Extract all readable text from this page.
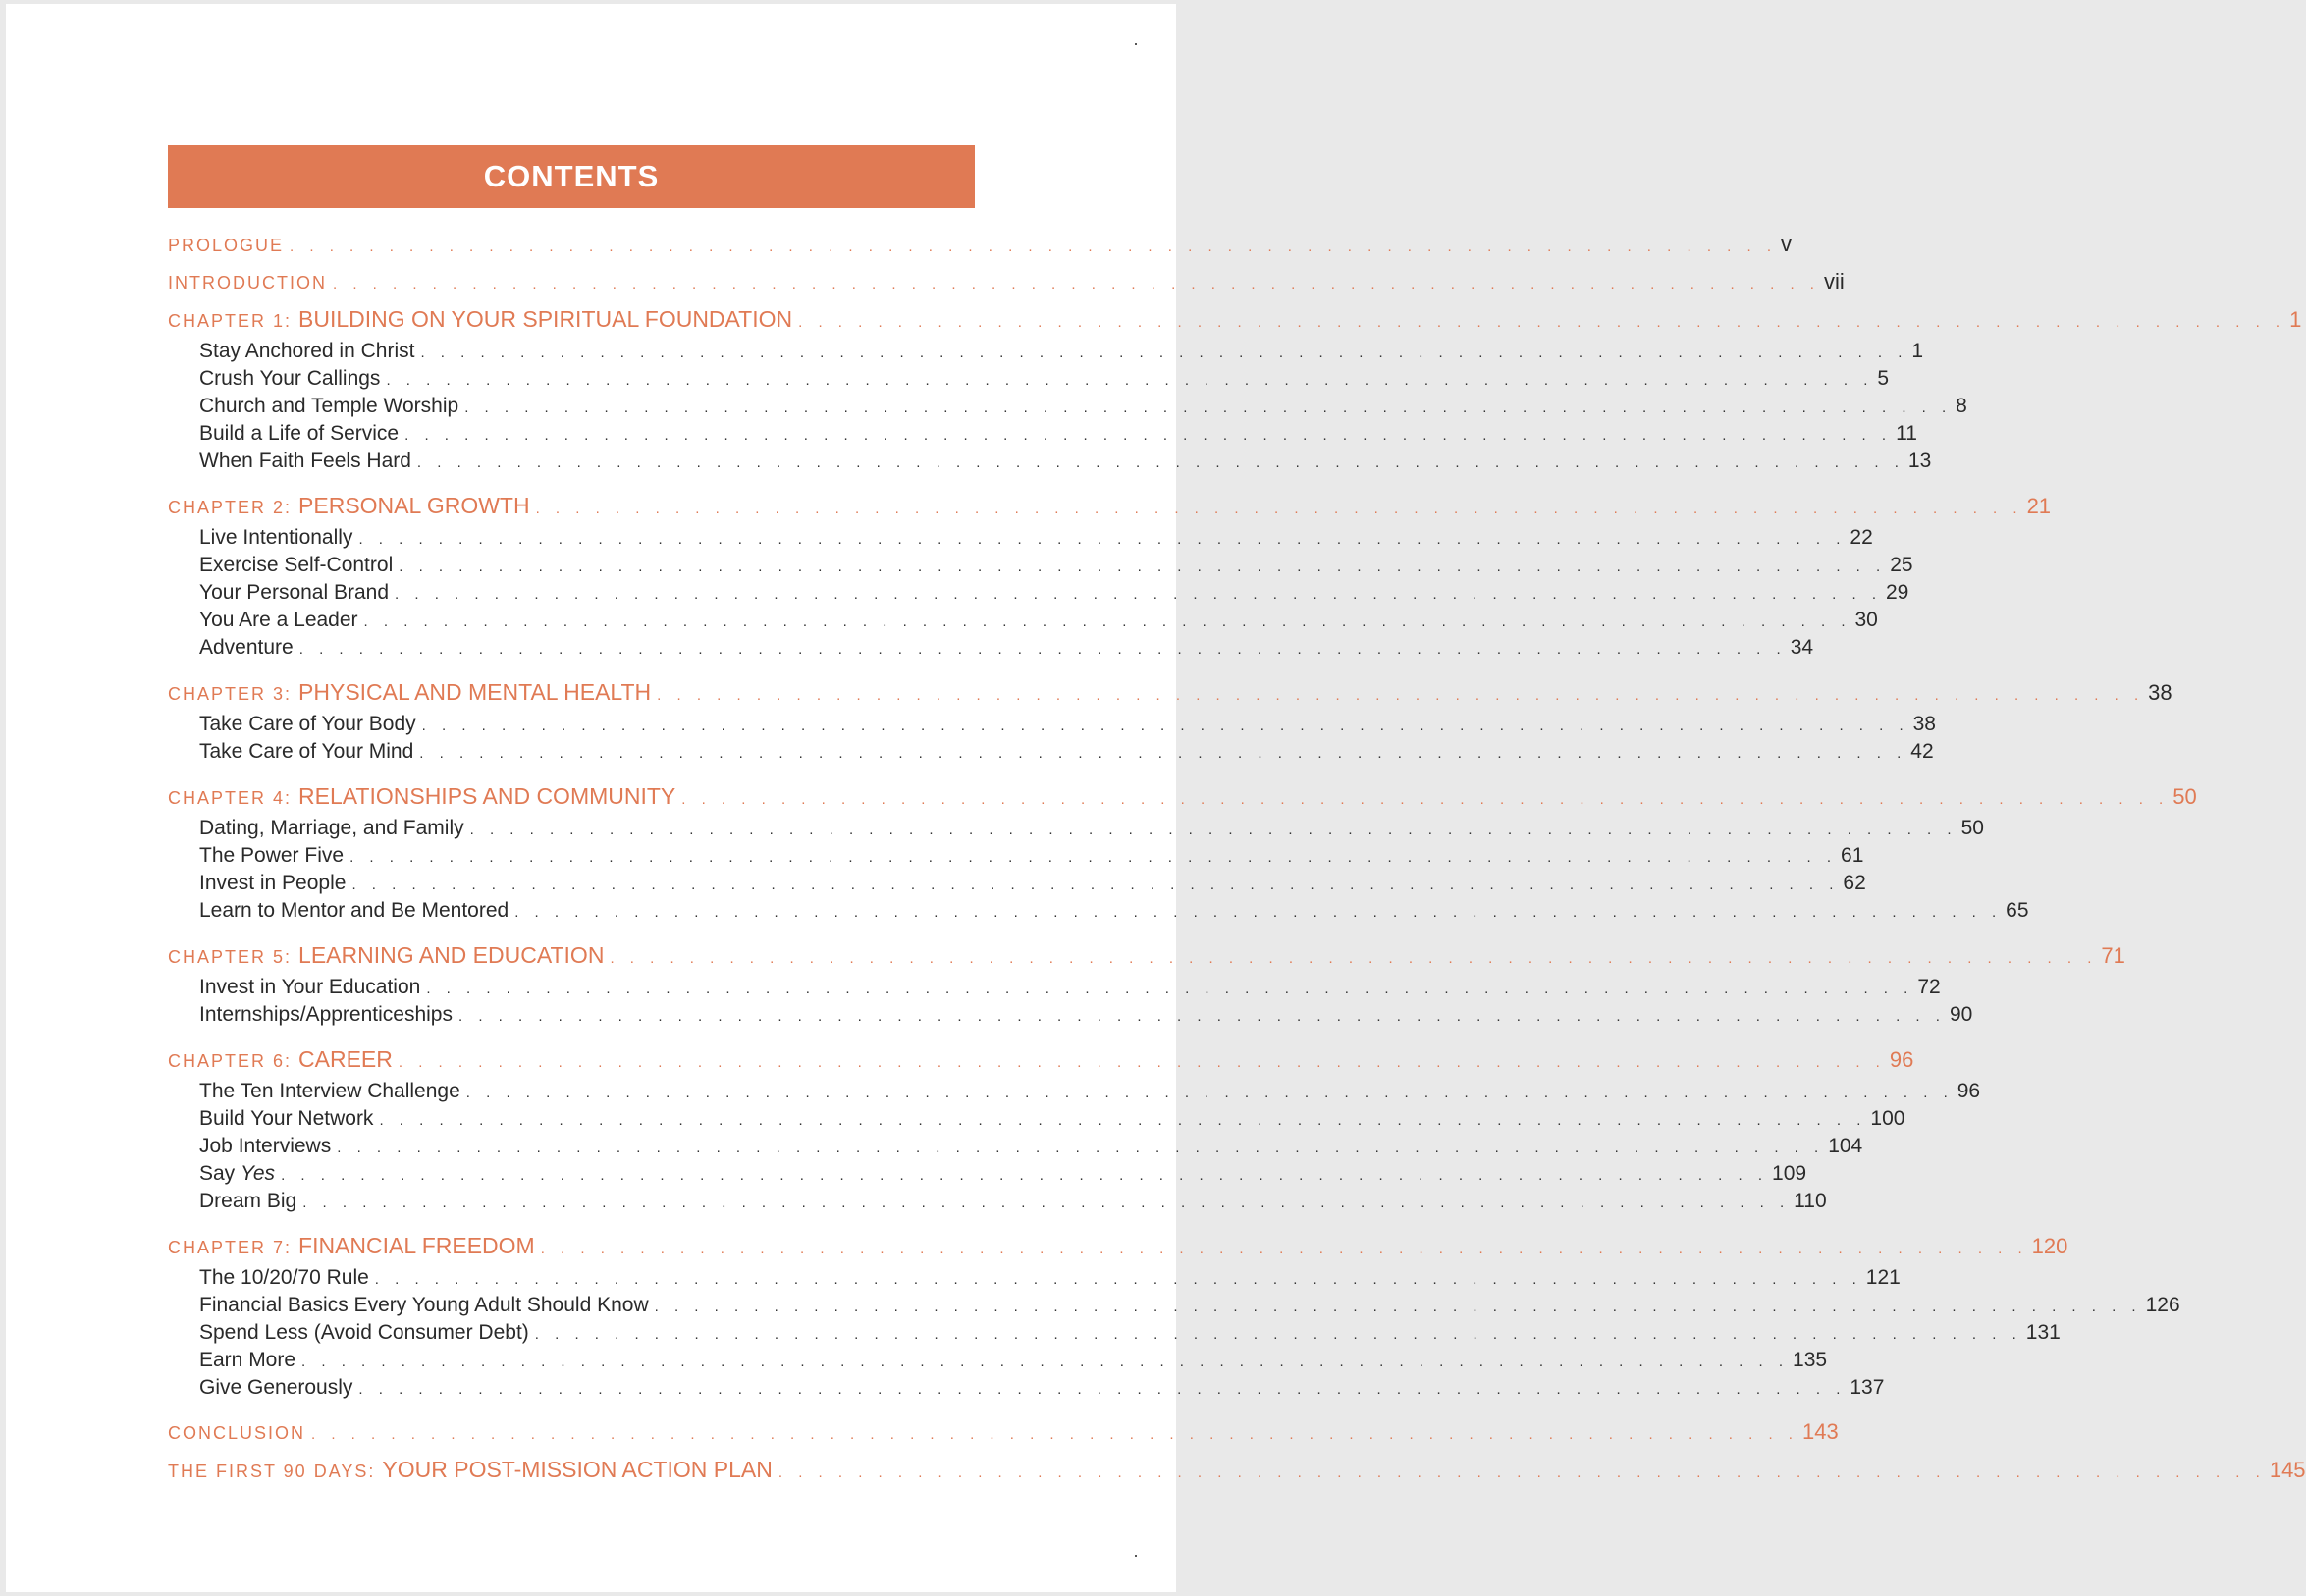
CONTENTS
PROLOGUE . . . . . . . . . . . . . . . . . . . . . . . . . . . . . . . . . . . . . . . . . . . . . . . . . . . . . . . . . . . . . . . . . . . . . . . . . . . v
INTRODUCTION . . . . . . . . . . . . . . . . . . . . . . . . . . . . . . . . . . . . . . . . . . . . . . . . . . . . . . . . . . . . . . . . . . . . . . . . . . . vii
CHAPTER 1: BUILDING ON YOUR SPIRITUAL FOUNDATION . . . . . . . . . . . . . . . . . . . . . . . . . . . . . . . . . . . . . . . . . . . . . . . . . . . . . . . . . . . . . . . . . . . . . . . . . . . 1
Stay Anchored in Christ . . . . . . . . . . . . . . . . . . . . . . . . . . . . . . . . . . . . . . . . . . . . . . . . . . . . . . . . . . . . . . . . . . . . . . . . . . . 1
Crush Your Callings . . . . . . . . . . . . . . . . . . . . . . . . . . . . . . . . . . . . . . . . . . . . . . . . . . . . . . . . . . . . . . . . . . . . . . . . . . . 5
Church and Temple Worship . . . . . . . . . . . . . . . . . . . . . . . . . . . . . . . . . . . . . . . . . . . . . . . . . . . . . . . . . . . . . . . . . . . . . . . . . . . 8
Build a Life of Service . . . . . . . . . . . . . . . . . . . . . . . . . . . . . . . . . . . . . . . . . . . . . . . . . . . . . . . . . . . . . . . . . . . . . . . . . . . 11
When Faith Feels Hard . . . . . . . . . . . . . . . . . . . . . . . . . . . . . . . . . . . . . . . . . . . . . . . . . . . . . . . . . . . . . . . . . . . . . . . . . . . 13
CHAPTER 2: PERSONAL GROWTH . . . . . . . . . . . . . . . . . . . . . . . . . . . . . . . . . . . . . . . . . . . . . . . . . . . . . . . . . . . . . . . . . . . . . . . . . . . 21
Live Intentionally . . . . . . . . . . . . . . . . . . . . . . . . . . . . . . . . . . . . . . . . . . . . . . . . . . . . . . . . . . . . . . . . . . . . . . . . . . . 22
Exercise Self-Control . . . . . . . . . . . . . . . . . . . . . . . . . . . . . . . . . . . . . . . . . . . . . . . . . . . . . . . . . . . . . . . . . . . . . . . . . . . 25
Your Personal Brand . . . . . . . . . . . . . . . . . . . . . . . . . . . . . . . . . . . . . . . . . . . . . . . . . . . . . . . . . . . . . . . . . . . . . . . . . . . 29
You Are a Leader . . . . . . . . . . . . . . . . . . . . . . . . . . . . . . . . . . . . . . . . . . . . . . . . . . . . . . . . . . . . . . . . . . . . . . . . . . . 30
Adventure . . . . . . . . . . . . . . . . . . . . . . . . . . . . . . . . . . . . . . . . . . . . . . . . . . . . . . . . . . . . . . . . . . . . . . . . . . . 34
CHAPTER 3: PHYSICAL AND MENTAL HEALTH . . . . . . . . . . . . . . . . . . . . . . . . . . . . . . . . . . . . . . . . . . . . . . . . . . . . . . . . . . . . . . . . . . . . . . . . . . . 38
Take Care of Your Body . . . . . . . . . . . . . . . . . . . . . . . . . . . . . . . . . . . . . . . . . . . . . . . . . . . . . . . . . . . . . . . . . . . . . . . . . . . 38
Take Care of Your Mind . . . . . . . . . . . . . . . . . . . . . . . . . . . . . . . . . . . . . . . . . . . . . . . . . . . . . . . . . . . . . . . . . . . . . . . . . . . 42
CHAPTER 4: RELATIONSHIPS AND COMMUNITY . . . . . . . . . . . . . . . . . . . . . . . . . . . . . . . . . . . . . . . . . . . . . . . . . . . . . . . . . . . . . . . . . . . . . . . . . . . 50
Dating, Marriage, and Family . . . . . . . . . . . . . . . . . . . . . . . . . . . . . . . . . . . . . . . . . . . . . . . . . . . . . . . . . . . . . . . . . . . . . . . . . . . 50
The Power Five . . . . . . . . . . . . . . . . . . . . . . . . . . . . . . . . . . . . . . . . . . . . . . . . . . . . . . . . . . . . . . . . . . . . . . . . . . . 61
Invest in People . . . . . . . . . . . . . . . . . . . . . . . . . . . . . . . . . . . . . . . . . . . . . . . . . . . . . . . . . . . . . . . . . . . . . . . . . . . 62
Learn to Mentor and Be Mentored . . . . . . . . . . . . . . . . . . . . . . . . . . . . . . . . . . . . . . . . . . . . . . . . . . . . . . . . . . . . . . . . . . . . . . . . . . . 65
CHAPTER 5: LEARNING AND EDUCATION . . . . . . . . . . . . . . . . . . . . . . . . . . . . . . . . . . . . . . . . . . . . . . . . . . . . . . . . . . . . . . . . . . . . . . . . . . . 71
Invest in Your Education . . . . . . . . . . . . . . . . . . . . . . . . . . . . . . . . . . . . . . . . . . . . . . . . . . . . . . . . . . . . . . . . . . . . . . . . . . . 72
Internships/Apprenticeships . . . . . . . . . . . . . . . . . . . . . . . . . . . . . . . . . . . . . . . . . . . . . . . . . . . . . . . . . . . . . . . . . . . . . . . . . . . 90
CHAPTER 6: CAREER . . . . . . . . . . . . . . . . . . . . . . . . . . . . . . . . . . . . . . . . . . . . . . . . . . . . . . . . . . . . . . . . . . . . . . . . . . . 96
The Ten Interview Challenge . . . . . . . . . . . . . . . . . . . . . . . . . . . . . . . . . . . . . . . . . . . . . . . . . . . . . . . . . . . . . . . . . . . . . . . . . . . 96
Build Your Network . . . . . . . . . . . . . . . . . . . . . . . . . . . . . . . . . . . . . . . . . . . . . . . . . . . . . . . . . . . . . . . . . . . . . . . . . . . 100
Job Interviews . . . . . . . . . . . . . . . . . . . . . . . . . . . . . . . . . . . . . . . . . . . . . . . . . . . . . . . . . . . . . . . . . . . . . . . . . . . 104
Say Yes . . . . . . . . . . . . . . . . . . . . . . . . . . . . . . . . . . . . . . . . . . . . . . . . . . . . . . . . . . . . . . . . . . . . . . . . . . . 109
Dream Big . . . . . . . . . . . . . . . . . . . . . . . . . . . . . . . . . . . . . . . . . . . . . . . . . . . . . . . . . . . . . . . . . . . . . . . . . . . 110
CHAPTER 7: FINANCIAL FREEDOM . . . . . . . . . . . . . . . . . . . . . . . . . . . . . . . . . . . . . . . . . . . . . . . . . . . . . . . . . . . . . . . . . . . . . . . . . . . 120
The 10/20/70 Rule . . . . . . . . . . . . . . . . . . . . . . . . . . . . . . . . . . . . . . . . . . . . . . . . . . . . . . . . . . . . . . . . . . . . . . . . . . . 121
Financial Basics Every Young Adult Should Know . . . . . . . . . . . . . . . . . . . . . . . . . . . . . . . . . . . . . . . . . . . . . . . . . . . . . . . . . . . . . . . . . . . . . . . . . . . 126
Spend Less (Avoid Consumer Debt) . . . . . . . . . . . . . . . . . . . . . . . . . . . . . . . . . . . . . . . . . . . . . . . . . . . . . . . . . . . . . . . . . . . . . . . . . . . 131
Earn More . . . . . . . . . . . . . . . . . . . . . . . . . . . . . . . . . . . . . . . . . . . . . . . . . . . . . . . . . . . . . . . . . . . . . . . . . . . 135
Give Generously . . . . . . . . . . . . . . . . . . . . . . . . . . . . . . . . . . . . . . . . . . . . . . . . . . . . . . . . . . . . . . . . . . . . . . . . . . . 137
CONCLUSION . . . . . . . . . . . . . . . . . . . . . . . . . . . . . . . . . . . . . . . . . . . . . . . . . . . . . . . . . . . . . . . . . . . . . . . . . . . 143
THE FIRST 90 DAYS: YOUR POST-MISSION ACTION PLAN . . . . . . . . . . . . . . . . . . . . . . . . . . . . . . . . . . . . . . . . . . . . . . . . . . . . . . . . . . . . . . . . . . . . . . . . . . . 145
